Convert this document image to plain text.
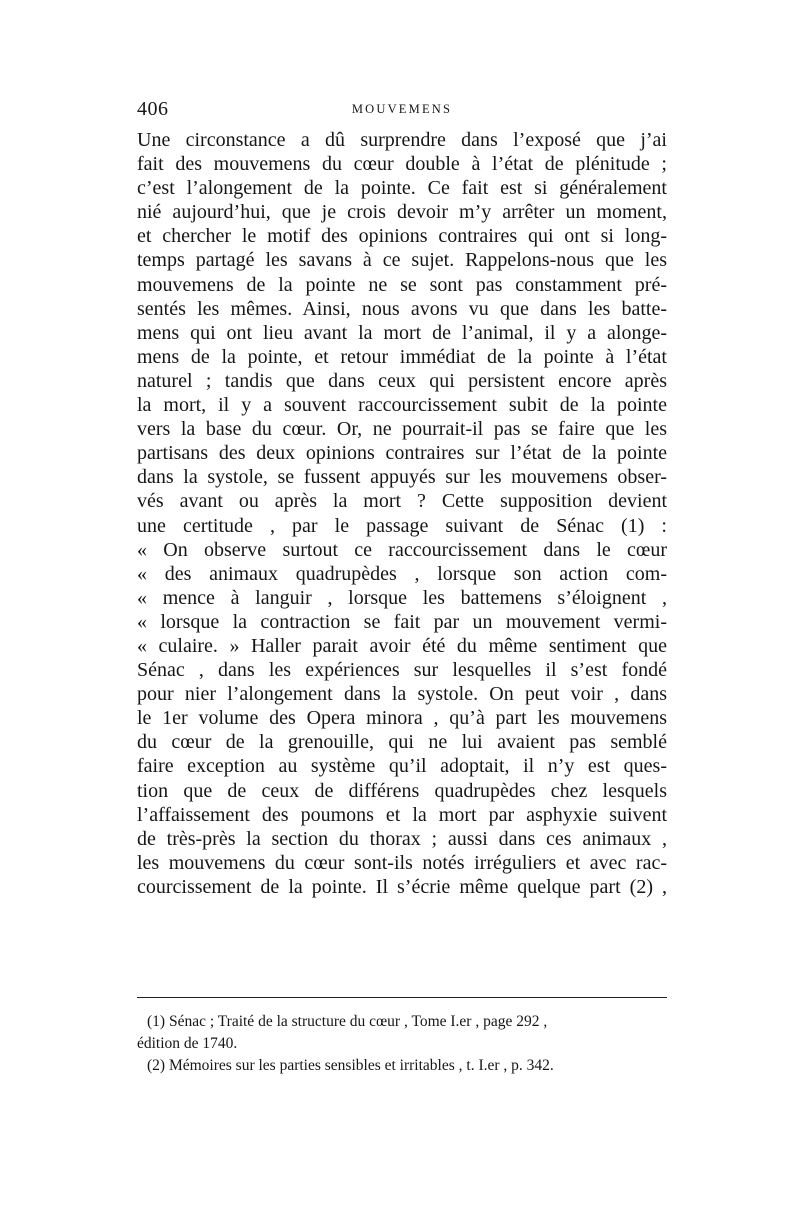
406	MOUVEMENS
Une circonstance a dû surprendre dans l’exposé que j’ai
fait des mouvemens du cœur double à l’état de plénitude ;
c’est l’alongement de la pointe. Ce fait est si généralement
nié aujourd’hui, que je crois devoir m’y arrêter un moment,
et chercher le motif des opinions contraires qui ont si long-
temps partagé les savans à ce sujet. Rappelons-nous que les
mouvemens de la pointe ne se sont pas constamment pré-
sentés les mêmes. Ainsi, nous avons vu que dans les batte-
mens qui ont lieu avant la mort de l’animal, il y a alonge-
mens de la pointe, et retour immédiat de la pointe à l’état
naturel ; tandis que dans ceux qui persistent encore après
la mort, il y a souvent raccourcissement subit de la pointe
vers la base du cœur. Or, ne pourrait-il pas se faire que les
partisans des deux opinions contraires sur l’état de la pointe
dans la systole, se fussent appuyés sur les mouvemens obser-
vés avant ou après la mort ? Cette supposition devient
une certitude , par le passage suivant de Sénac (1) :
« On observe surtout ce raccourcissement dans le cœur
« des animaux quadrupèdes , lorsque son action com-
« mence à languir , lorsque les battemens s’éloignent ,
« lorsque la contraction se fait par un mouvement vermi-
« culaire. » Haller parait avoir été du même sentiment que
Sénac , dans les expériences sur lesquelles il s’est fondé
pour nier l’alongement dans la systole. On peut voir , dans
le 1er volume des Opera minora , qu’à part les mouvemens
du cœur de la grenouille, qui ne lui avaient pas semblé
faire exception au système qu’il adoptait, il n’y est ques-
tion que de ceux de différens quadrupèdes chez lesquels
l’affaissement des poumons et la mort par asphyxie suivent
de très-près la section du thorax ; aussi dans ces animaux ,
les mouvemens du cœur sont-ils notés irréguliers et avec rac-
courcissement de la pointe. Il s’écrie même quelque part (2) ,
(1) Sénac ; Traité de la structure du cœur , Tome I.er , page 292 ,
édition de 1740.
(2) Mémoires sur les parties sensibles et irritables , t. I.er , p. 342.
